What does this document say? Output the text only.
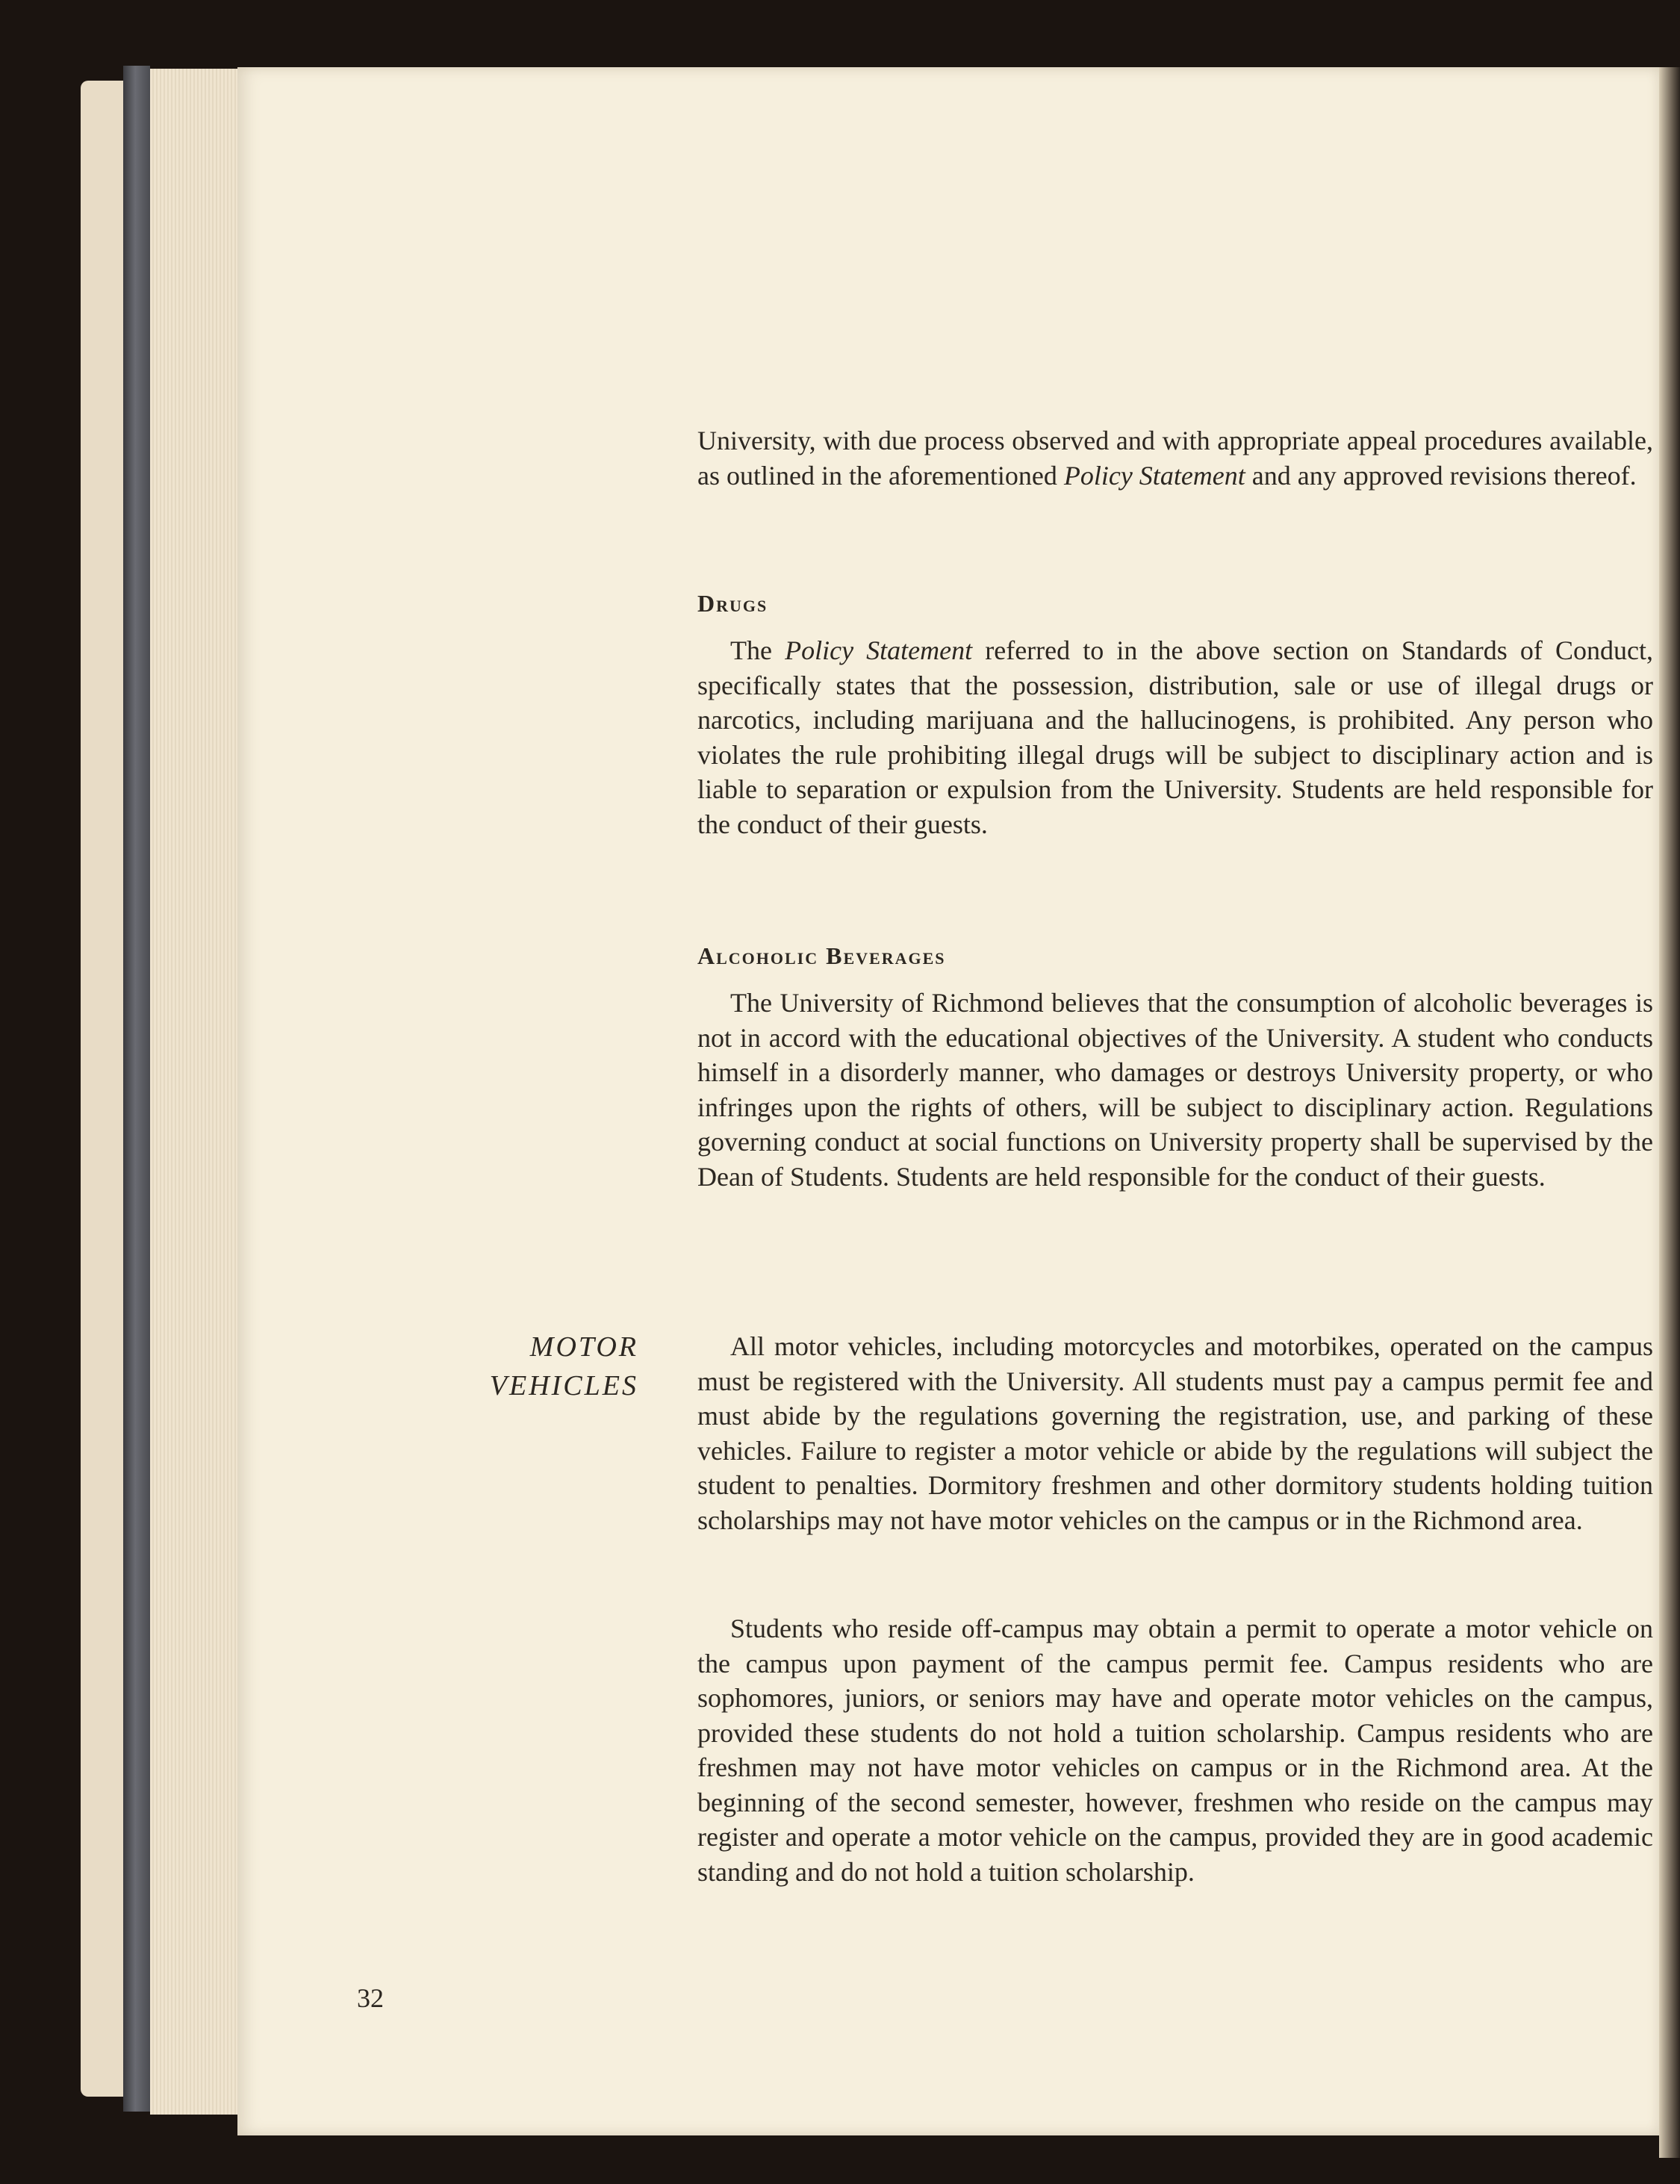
University, with due process observed and with appropriate appeal procedures available, as outlined in the aforementioned Policy Statement and any approved revisions thereof.

Drugs

The Policy Statement referred to in the above section on Standards of Conduct, specifically states that the possession, distribution, sale or use of illegal drugs or narcotics, including marijuana and the hallucinogens, is prohibited. Any person who violates the rule prohibiting illegal drugs will be subject to disciplinary action and is liable to separation or expulsion from the University. Students are held responsible for the conduct of their guests.

Alcoholic Beverages

The University of Richmond believes that the consumption of alcoholic beverages is not in accord with the educational objectives of the University. A student who conducts himself in a disorderly manner, who damages or destroys University property, or who infringes upon the rights of others, will be subject to disciplinary action. Regulations governing conduct at social functions on University property shall be supervised by the Dean of Students. Students are held responsible for the conduct of their guests.

MOTOR
VEHICLES

All motor vehicles, including motorcycles and motorbikes, operated on the campus must be registered with the University. All students must pay a campus permit fee and must abide by the regulations governing the registration, use, and parking of these vehicles. Failure to register a motor vehicle or abide by the regulations will subject the student to penalties. Dormitory freshmen and other dormitory students holding tuition scholarships may not have motor vehicles on the campus or in the Richmond area.

Students who reside off-campus may obtain a permit to operate a motor vehicle on the campus upon payment of the campus permit fee. Campus residents who are sophomores, juniors, or seniors may have and operate motor vehicles on the campus, provided these students do not hold a tuition scholarship. Campus residents who are freshmen may not have motor vehicles on campus or in the Richmond area. At the beginning of the second semester, however, freshmen who reside on the campus may register and operate a motor vehicle on the campus, provided they are in good academic standing and do not hold a tuition scholarship.

32
